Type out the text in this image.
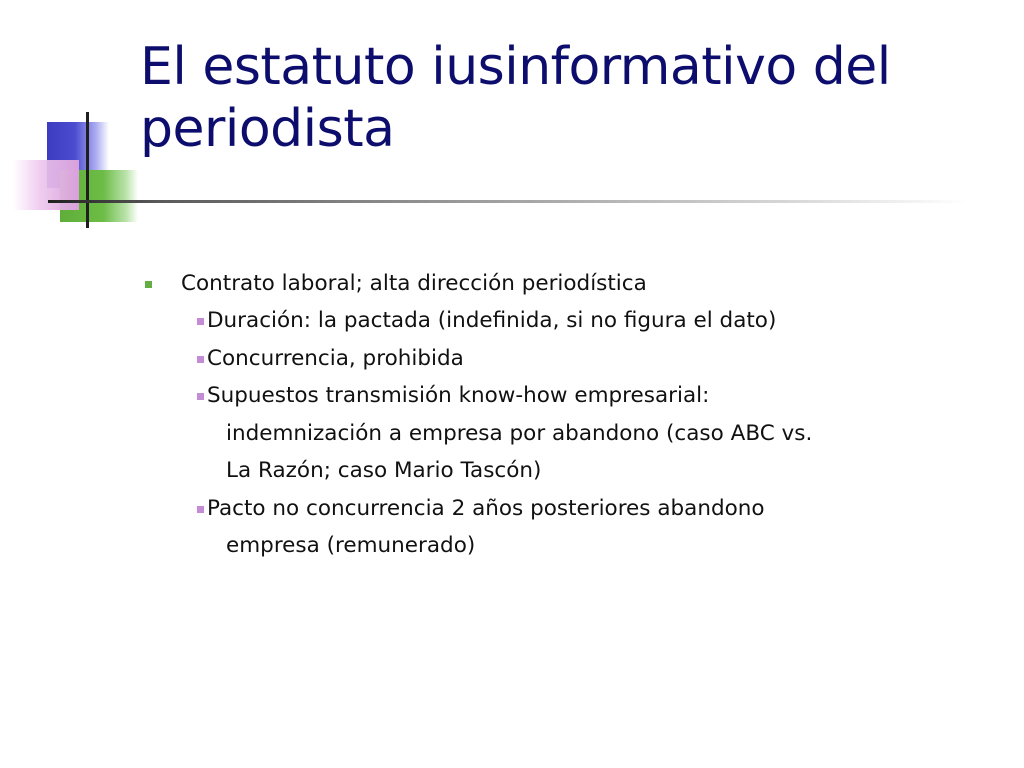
El estatuto iusinformativo del periodista
Contrato laboral; alta dirección periodística
Duración: la pactada (indefinida, si no figura el dato)
Concurrencia, prohibida
Supuestos transmisión know-how empresarial: indemnización a empresa por abandono (caso ABC vs. La Razón; caso Mario Tascón)
Pacto no concurrencia 2 años posteriores abandono empresa (remunerado)
